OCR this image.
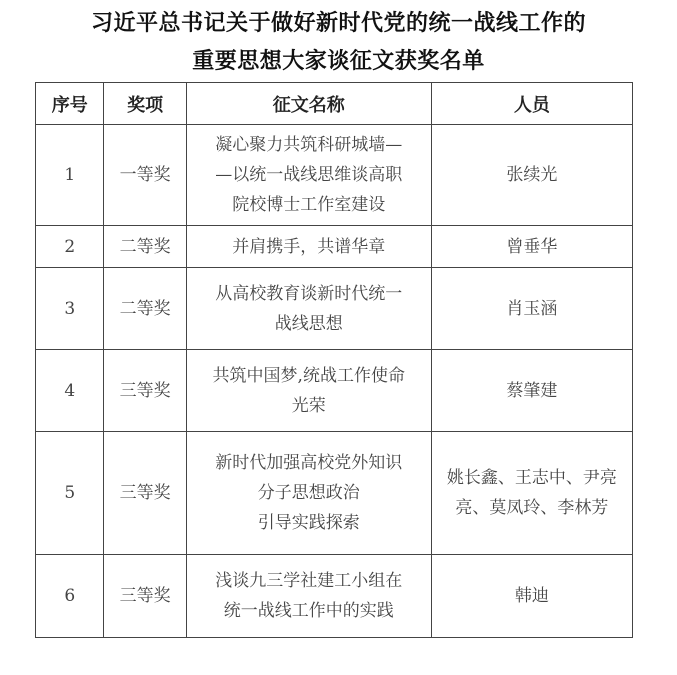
习近平总书记关于做好新时代党的统一战线工作的
重要思想大家谈征文获奖名单
序号	奖项	征文名称	人员
1	一等奖	凝心聚力共筑科研城墙—
—以统一战线思维谈高职
院校博士工作室建设	张续光

2	二等奖	并肩携手，共谱华章	曾垂华

3	二等奖	从高校教育谈新时代统一
战线思想	肖玉涵

4	三等奖	共筑中国梦,统战工作使命
光荣	蔡肇建

5	三等奖	新时代加强高校党外知识
分子思想政治
引导实践探索	姚长鑫、王志中、尹亮
亮、莫凤玲、李林芳

6	三等奖	浅谈九三学社建工小组在
统一战线工作中的实践	韩迪
